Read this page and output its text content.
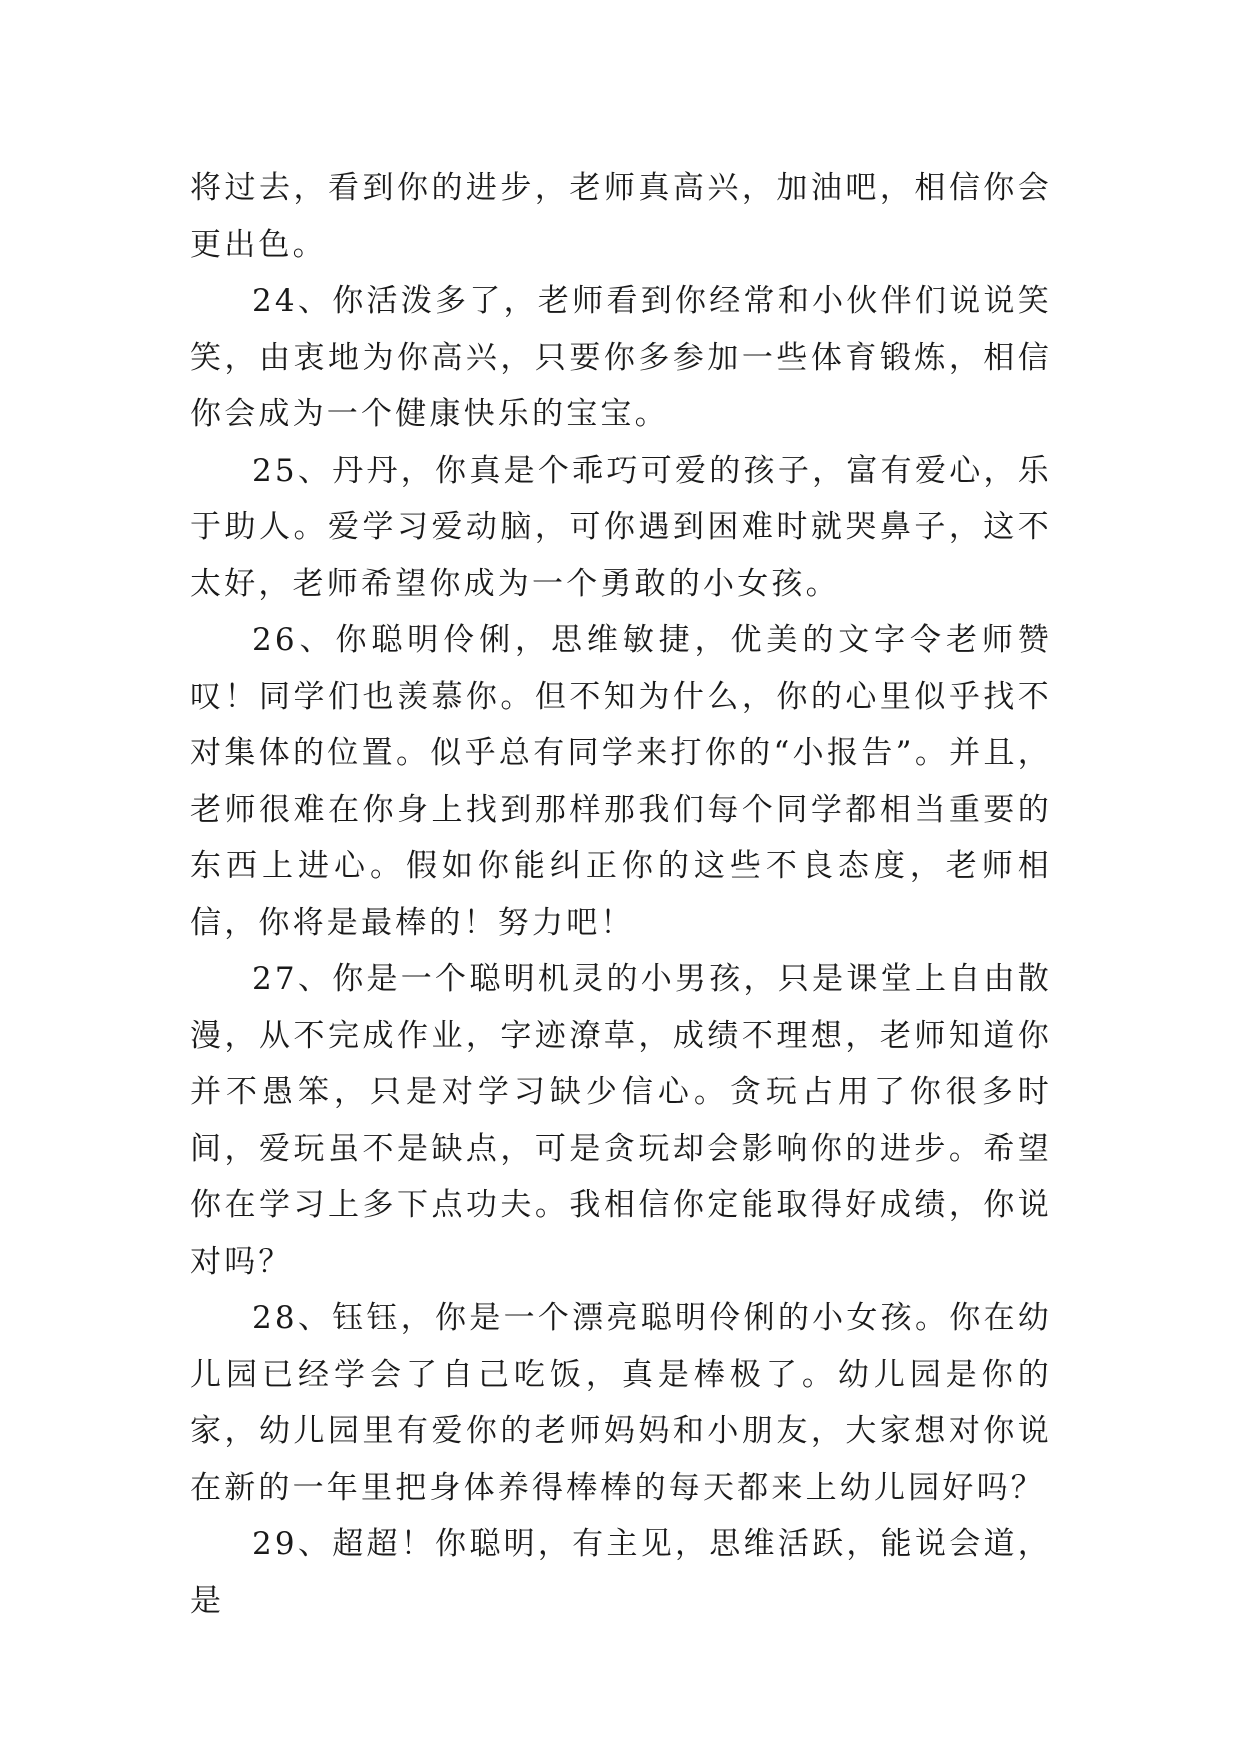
将过去，看到你的进步，老师真高兴，加油吧，相信你会更出色。

24、你活泼多了，老师看到你经常和小伙伴们说说笑笑，由衷地为你高兴，只要你多参加一些体育锻炼，相信你会成为一个健康快乐的宝宝。

25、丹丹，你真是个乖巧可爱的孩子，富有爱心，乐于助人。爱学习爱动脑，可你遇到困难时就哭鼻子，这不太好，老师希望你成为一个勇敢的小女孩。

26、你聪明伶俐，思维敏捷，优美的文字令老师赞叹！同学们也羡慕你。但不知为什么，你的心里似乎找不对集体的位置。似乎总有同学来打你的“小报告”。并且，老师很难在你身上找到那样那我们每个同学都相当重要的东西上进心。假如你能纠正你的这些不良态度，老师相信，你将是最棒的！努力吧！

27、你是一个聪明机灵的小男孩，只是课堂上自由散漫，从不完成作业，字迹潦草，成绩不理想，老师知道你并不愚笨，只是对学习缺少信心。贪玩占用了你很多时间，爱玩虽不是缺点，可是贪玩却会影响你的进步。希望你在学习上多下点功夫。我相信你定能取得好成绩，你说对吗？

28、钰钰，你是一个漂亮聪明伶俐的小女孩。你在幼儿园已经学会了自己吃饭，真是棒极了。幼儿园是你的家，幼儿园里有爱你的老师妈妈和小朋友，大家想对你说在新的一年里把身体养得棒棒的每天都来上幼儿园好吗？

29、超超！你聪明，有主见，思维活跃，能说会道，是
